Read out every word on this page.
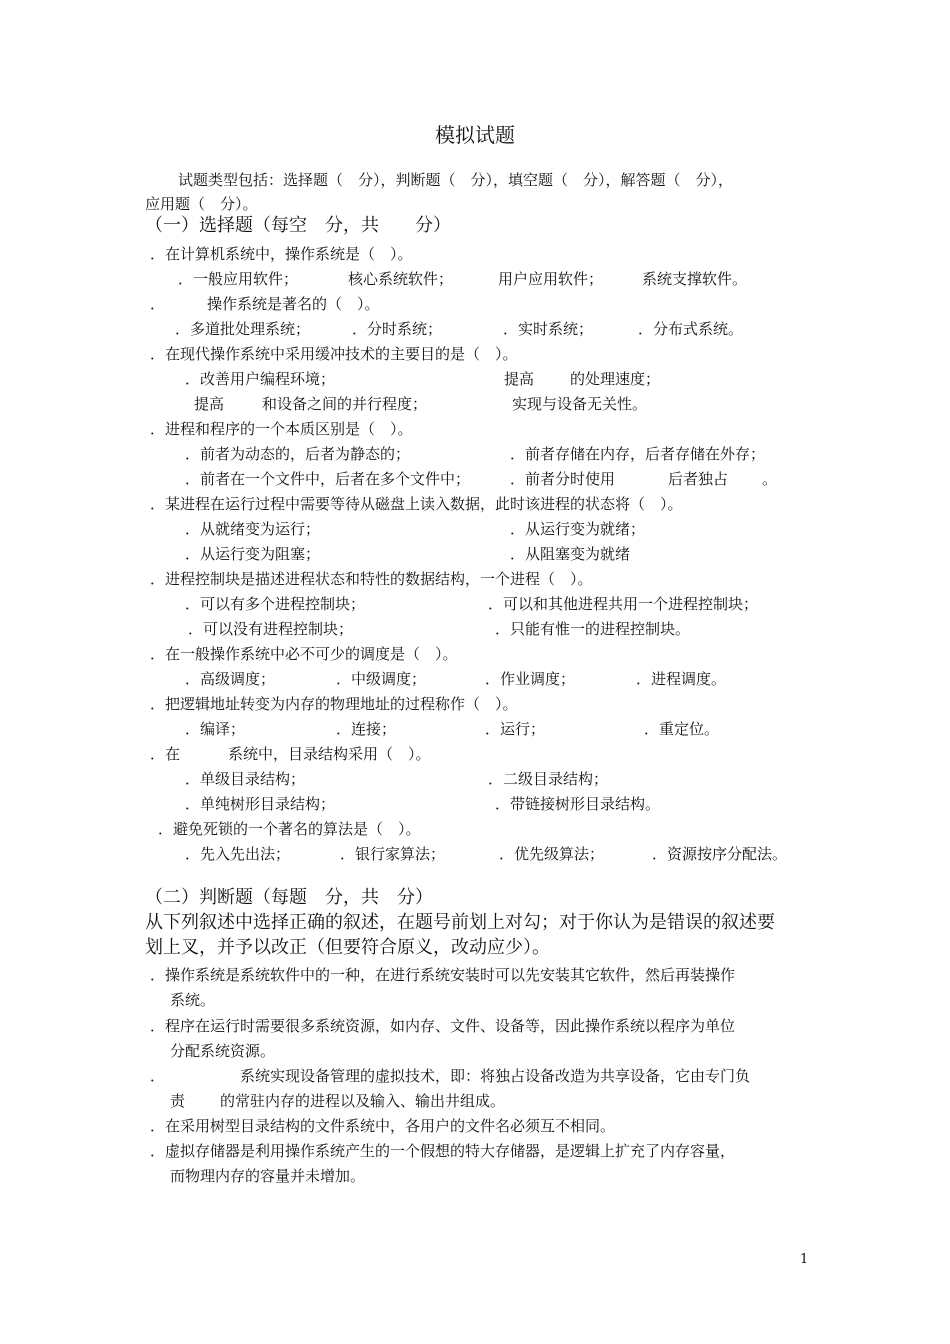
模拟试题
试题类型包括：选择题（　分），判断题（　分），填空题（　分），解答题（　分），
应用题（　分）。
（一）选择题（每空　分，共　　分）
．在计算机系统中，操作系统是（　）。
．一般应用软件；	核心系统软件；	用户应用软件；	系统支撑软件。
．	操作系统是著名的（　）。
．多道批处理系统；	．分时系统；	．实时系统；	．分布式系统。
．在现代操作系统中采用缓冲技术的主要目的是（　）。
．改善用户编程环境；	提高 的处理速度；
提高	和设备之间的并行程度；	实现与设备无关性。
．进程和程序的一个本质区别是（　）。
．前者为动态的，后者为静态的；	．前者存储在内存，后者存储在外存；
．前者在一个文件中，后者在多个文件中；	．前者分时使用	后者独占 。
．某进程在运行过程中需要等待从磁盘上读入数据，此时该进程的状态将（　）。
．从就绪变为运行；	．从运行变为就绪；
．从运行变为阻塞；	．从阻塞变为就绪
．进程控制块是描述进程状态和特性的数据结构，一个进程（　）。
．可以有多个进程控制块；	．可以和其他进程共用一个进程控制块；
．可以没有进程控制块；	．只能有惟一的进程控制块。
．在一般操作系统中必不可少的调度是（　）。
．高级调度；	．中级调度；	．作业调度；	．进程调度。
．把逻辑地址转变为内存的物理地址的过程称作（　）。
．编译；	．连接；	．运行；	．重定位。
．在	系统中，目录结构采用（　）。
．单级目录结构；	．二级目录结构；
．单纯树形目录结构；	．带链接树形目录结构。
．避免死锁的一个著名的算法是（　）。
．先入先出法；	．银行家算法；	．优先级算法；	．资源按序分配法。
（二）判断题（每题　分，共　分）
从下列叙述中选择正确的叙述，在题号前划上对勾；对于你认为是错误的叙述要
划上叉，并予以改正（但要符合原义，改动应少）。
．操作系统是系统软件中的一种，在进行系统安装时可以先安装其它软件，然后再装操作
系统。
．程序在运行时需要很多系统资源，如内存、文件、设备等，因此操作系统以程序为单位
分配系统资源。
．	系统实现设备管理的虚拟技术，即：将独占设备改造为共享设备，它由专门负
责 的常驻内存的进程以及输入、输出井组成。
．在采用树型目录结构的文件系统中，各用户的文件名必须互不相同。
．虚拟存储器是利用操作系统产生的一个假想的特大存储器，是逻辑上扩充了内存容量，
而物理内存的容量并未增加。
1
